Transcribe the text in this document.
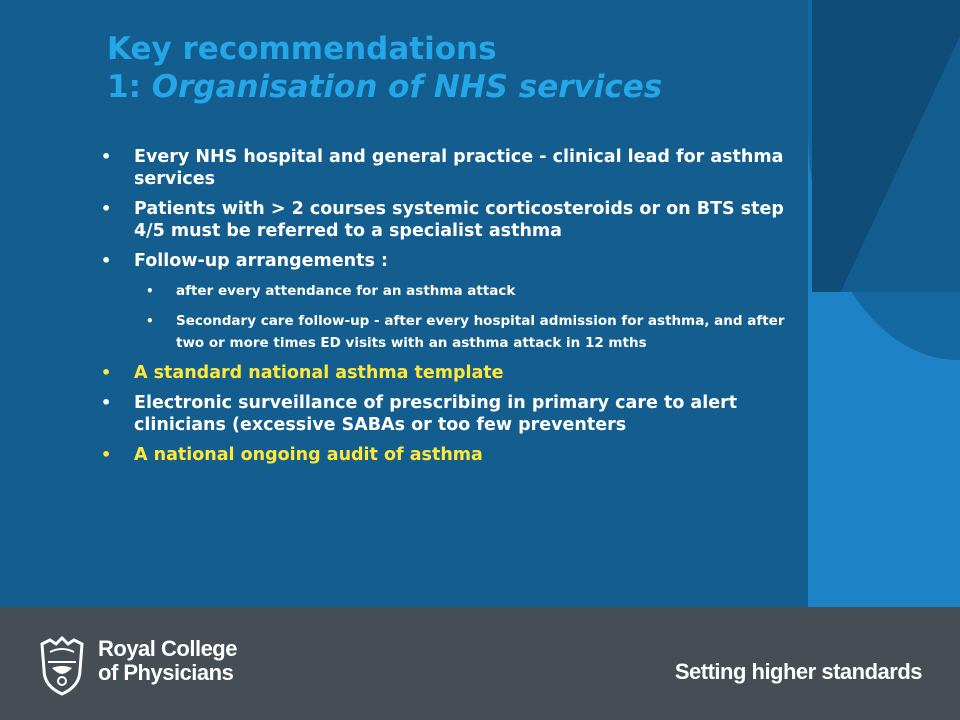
Key recommendations
1: Organisation of NHS services
• Every NHS hospital and general practice - clinical lead for asthma services
• Patients with > 2 courses systemic corticosteroids or on BTS step 4/5 must be referred to a specialist asthma
• Follow-up arrangements :
• after every attendance for an asthma attack
• Secondary care follow-up - after every hospital admission for asthma, and after two or more times ED visits with an asthma attack in 12 mths
• A standard national asthma template
• Electronic surveillance of prescribing in primary care to alert clinicians (excessive SABAs or too few preventers
• A national ongoing audit of asthma
Royal College
of Physicians	Setting higher standards
